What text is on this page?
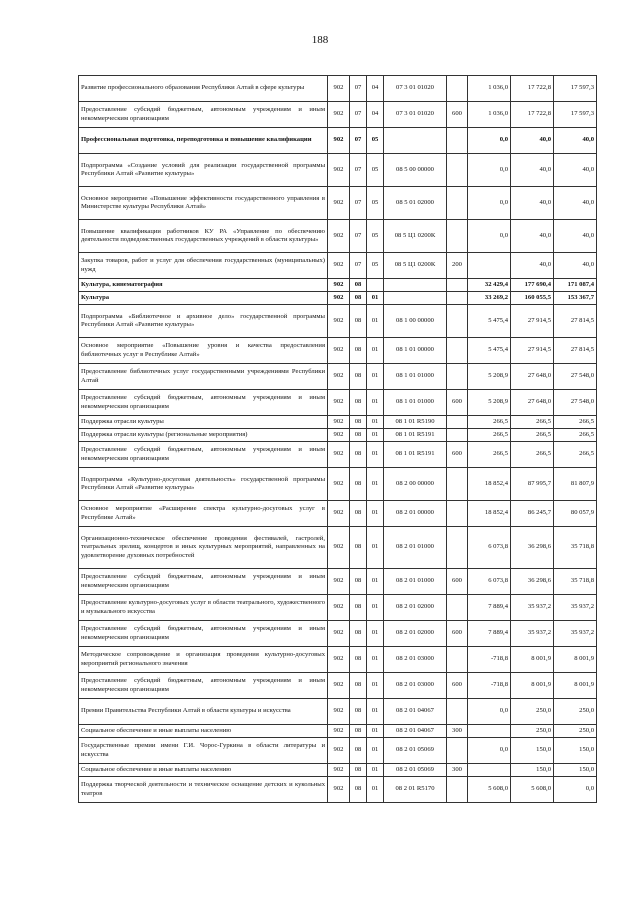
188
Развитие профессионального образования Республики Алтай в сфере культуры	902	07	04	07 3 01 01020		1 036,0	17 722,8	17 597,3
Предоставление субсидий бюджетным, автономным учреждениям и иным некоммерческим организациям	902	07	04	07 3 01 01020	600	1 036,0	17 722,8	17 597,3
Профессиональная подготовка, переподготовка и повышение квалификации	902	07	05			0,0	40,0	40,0
Подпрограмма «Создание условий для реализации государственной программы Республики Алтай «Развитие культуры»	902	07	05	08 5 00 00000		0,0	40,0	40,0
Основное мероприятие «Повышение эффективности государственного управления в Министерстве культуры Республики Алтай»	902	07	05	08 5 01 02000		0,0	40,0	40,0
Повышение квалификации работников КУ РА «Управление по обеспечению деятельности подведомственных государственных учреждений в области культуры»	902	07	05	08 5 Ц1 0200К		0,0	40,0	40,0
Закупка товаров, работ и услуг для обеспечения государственных (муниципальных) нужд	902	07	05	08 5 Ц1 0200К	200		40,0	40,0
Культура, кинематография	902	08				32 429,4	177 690,4	171 087,4
Культура	902	08	01			33 269,2	160 055,5	153 367,7
Подпрограмма «Библиотечное и архивное дело» государственной программы Республики Алтай «Развитие культуры»	902	08	01	08 1 00 00000		5 475,4	27 914,5	27 814,5
Основное мероприятие «Повышение уровня и качества предоставления библиотечных услуг в Республике Алтай»	902	08	01	08 1 01 00000		5 475,4	27 914,5	27 814,5
Предоставление библиотечных услуг государственными учреждениями Республики Алтай	902	08	01	08 1 01 01000		5 208,9	27 648,0	27 548,0
Предоставление субсидий бюджетным, автономным учреждениям и иным некоммерческим организациям	902	08	01	08 1 01 01000	600	5 208,9	27 648,0	27 548,0
Поддержка отрасли культуры	902	08	01	08 1 01 R5190		266,5	266,5	266,5
Поддержка отрасли культуры (региональные мероприятия)	902	08	01	08 1 01 R5191		266,5	266,5	266,5
Предоставление субсидий бюджетным, автономным учреждениям и иным некоммерческим организациям	902	08	01	08 1 01 R5191	600	266,5	266,5	266,5
Подпрограмма «Культурно-досуговая деятельность» государственной программы Республики Алтай «Развитие культуры»	902	08	01	08 2 00 00000		18 852,4	87 995,7	81 807,9
Основное мероприятие «Расширение спектра культурно-досуговых услуг в Республике Алтай»	902	08	01	08 2 01 00000		18 852,4	86 245,7	80 057,9
Организационно-техническое обеспечение проведения фестивалей, гастролей, театральных зрелищ, концертов и иных культурных мероприятий, направленных на удовлетворение духовных потребностей	902	08	01	08 2 01 01000		6 073,8	36 298,6	35 718,8
Предоставление субсидий бюджетным, автономным учреждениям и иным некоммерческим организациям	902	08	01	08 2 01 01000	600	6 073,8	36 298,6	35 718,8
Предоставление культурно-досуговых услуг в области театрального, художественного и музыкального искусства	902	08	01	08 2 01 02000		7 889,4	35 937,2	35 937,2
Предоставление субсидий бюджетным, автономным учреждениям и иным некоммерческим организациям	902	08	01	08 2 01 02000	600	7 889,4	35 937,2	35 937,2
Методическое сопровождение и организация проведения культурно-досуговых мероприятий регионального значения	902	08	01	08 2 01 03000		-718,8	8 001,9	8 001,9
Предоставление субсидий бюджетным, автономным учреждениям и иным некоммерческим организациям	902	08	01	08 2 01 03000	600	-718,8	8 001,9	8 001,9
Премии Правительства Республики Алтай в области культуры и искусства	902	08	01	08 2 01 04067		0,0	250,0	250,0
Социальное обеспечение и иные выплаты населению	902	08	01	08 2 01 04067	300		250,0	250,0
Государственные премии имени Г.И. Чорос-Гуркина в области литературы и искусства	902	08	01	08 2 01 05069		0,0	150,0	150,0
Социальное обеспечение и иные выплаты населению	902	08	01	08 2 01 05069	300		150,0	150,0
Поддержка творческой деятельности и техническое оснащение детских и кукольных театров	902	08	01	08 2 01 R5170		5 608,0	5 608,0	0,0
